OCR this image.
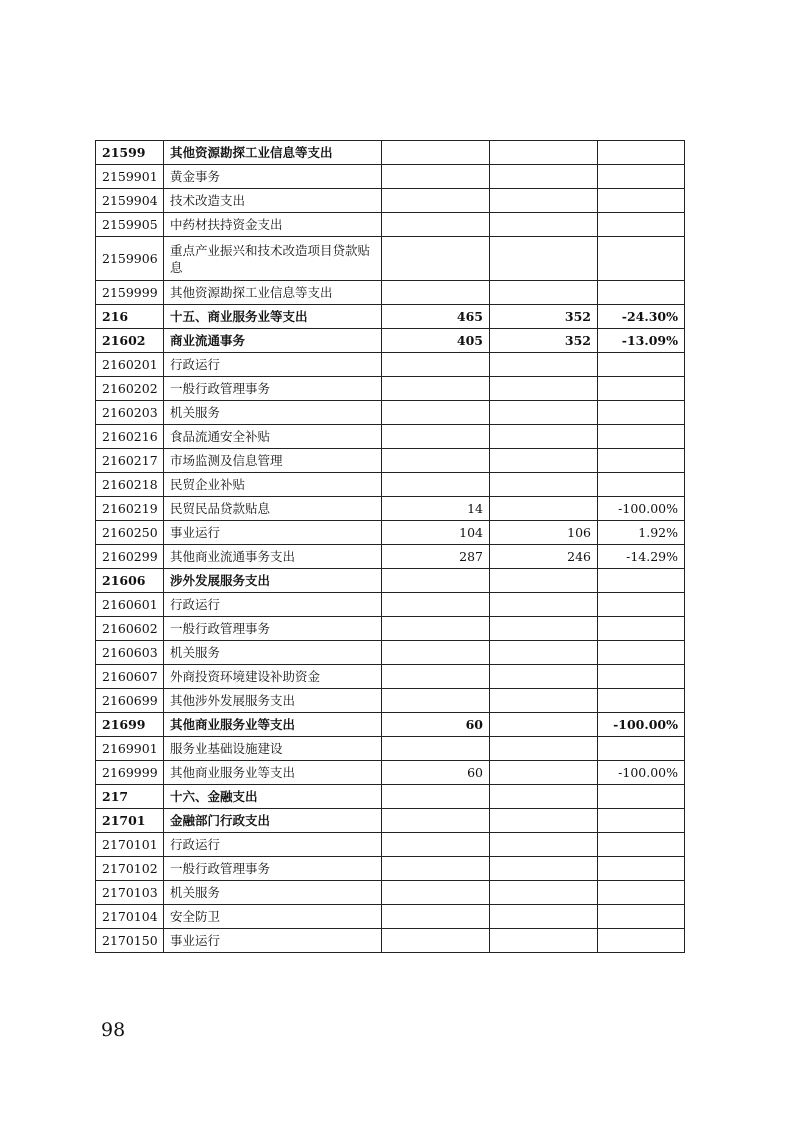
21599	其他资源勘探工业信息等支出			
2159901	黄金事务			
2159904	技术改造支出			
2159905	中药材扶持资金支出			
2159906	重点产业振兴和技术改造项目贷款贴息			
2159999	其他资源勘探工业信息等支出			
216	十五、商业服务业等支出	465	352	-24.30%
21602	商业流通事务	405	352	-13.09%
2160201	行政运行			
2160202	一般行政管理事务			
2160203	机关服务			
2160216	食品流通安全补贴			
2160217	市场监测及信息管理			
2160218	民贸企业补贴			
2160219	民贸民品贷款贴息	14		-100.00%
2160250	事业运行	104	106	1.92%
2160299	其他商业流通事务支出	287	246	-14.29%
21606	涉外发展服务支出			
2160601	行政运行			
2160602	一般行政管理事务			
2160603	机关服务			
2160607	外商投资环境建设补助资金			
2160699	其他涉外发展服务支出			
21699	其他商业服务业等支出	60		-100.00%
2169901	服务业基础设施建设			
2169999	其他商业服务业等支出	60		-100.00%
217	十六、金融支出			
21701	金融部门行政支出			
2170101	行政运行			
2170102	一般行政管理事务			
2170103	机关服务			
2170104	安全防卫			
2170150	事业运行			
98
